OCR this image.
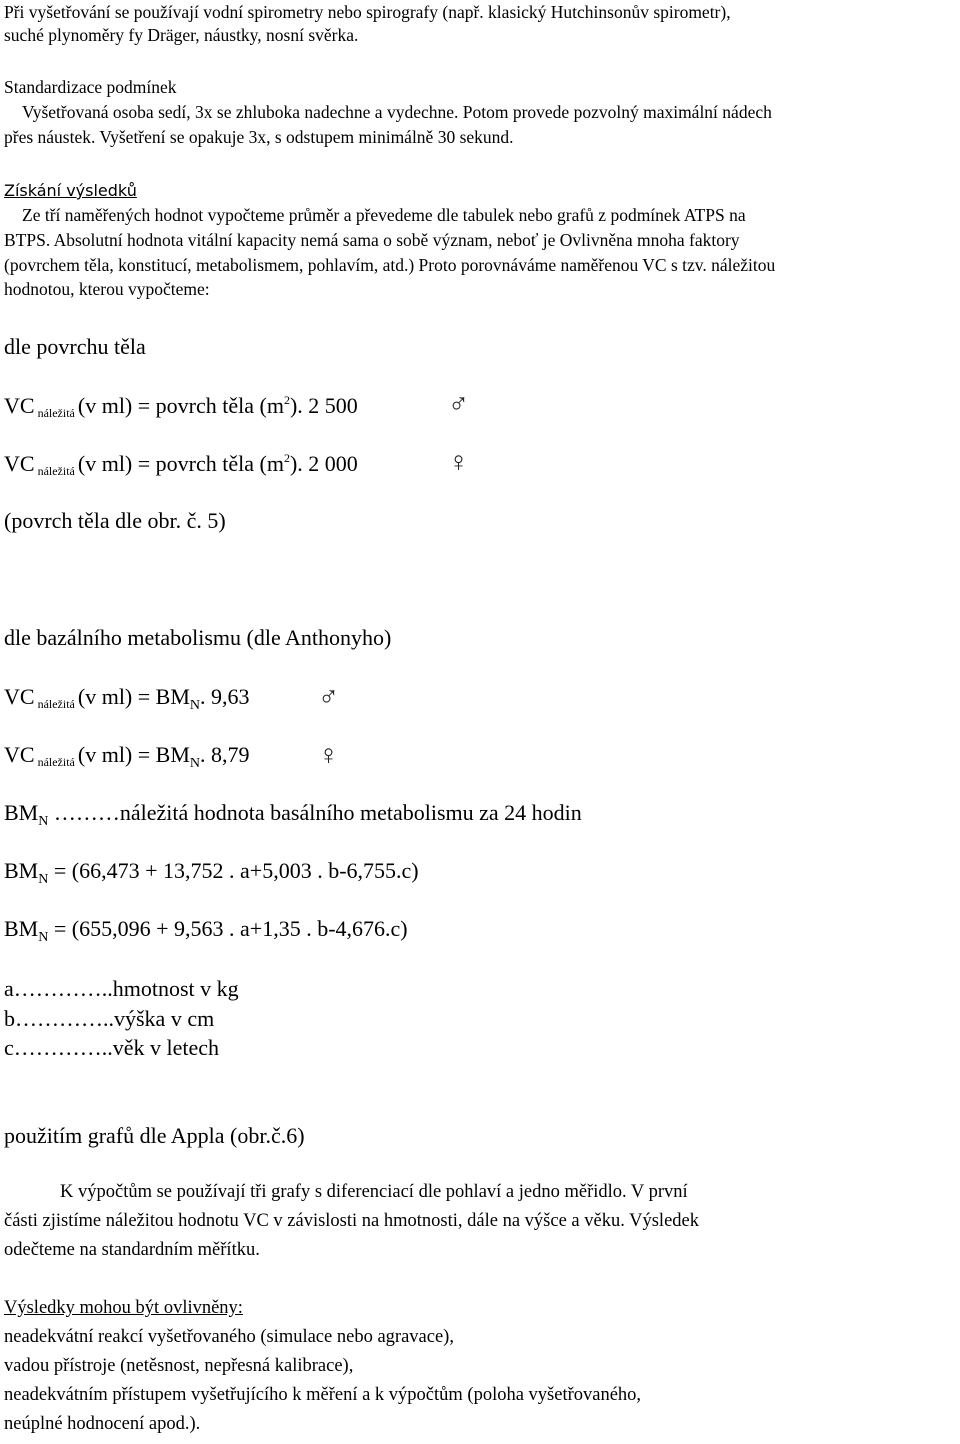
Při vyšetřování se používají vodní spirometry nebo spirografy (např. klasický Hutchinsonův spirometr),
suché plynoměry fy Dräger, náustky, nosní svěrka.
Standardizace podmínek
Vyšetřovaná osoba sedí, 3x se zhluboka nadechne a vydechne. Potom provede pozvolný maximální nádech
přes náustek. Vyšetření se opakuje 3x, s odstupem minimálně 30 sekund.
Získání výsledků
Ze tří naměřených hodnot vypočteme průměr a převedeme dle tabulek nebo grafů z podmínek ATPS na
BTPS. Absolutní hodnota vitální kapacity nemá sama o sobě význam, neboť je Ovlivněna mnoha faktory
(povrchem těla, konstitucí, metabolismem, pohlavím, atd.) Proto porovnáváme naměřenou VC s tzv. náležitou
hodnotou, kterou vypočteme:
dle povrchu těla
VC $_{náležitá}$ (v ml) = povrch těla $(m^2)$. 2 500	♂
VC $_{náležitá}$ (v ml) = povrch těla $(m^2)$. 2 000	♀
(povrch těla dle obr. č. 5)
dle bazálního metabolismu (dle Anthonyho)
VC $_{náležitá}$ (v $ml) = BM_N$. 9,63 ♂
VC $_{náležitá}$ (v $ml) = BM_N$. 8,79 ♀
$BM_N$ ………náležitá hodnota basálního metabolismu za 24 hodin
$BM_N = (66,473 + 13,752$ . a+5,003 . b-6,755.c)
$BM_N = (655,096 + 9,563$ . a+1,35 . b-4,676.c)
a…………..hmotnost v kg
b…………..výška v cm
c…………..věk v letech
použitím grafů dle Appla (obr.č.6)
K výpočtům se používají tři grafy s diferenciací dle pohlaví a jedno měřidlo. V první
části zjistíme náležitou hodnotu VC v závislosti na hmotnosti, dále na výšce a věku. Výsledek
odečteme na standardním měřítku.
Výsledky mohou být ovlivněny:
neadekvátní reakcí vyšetřovaného (simulace nebo agravace),
vadou přístroje (netěsnost, nepřesná kalibrace),
neadekvátním přístupem vyšetřujícího k měření a k výpočtům (poloha vyšetřovaného,
neúplné hodnocení apod.).
